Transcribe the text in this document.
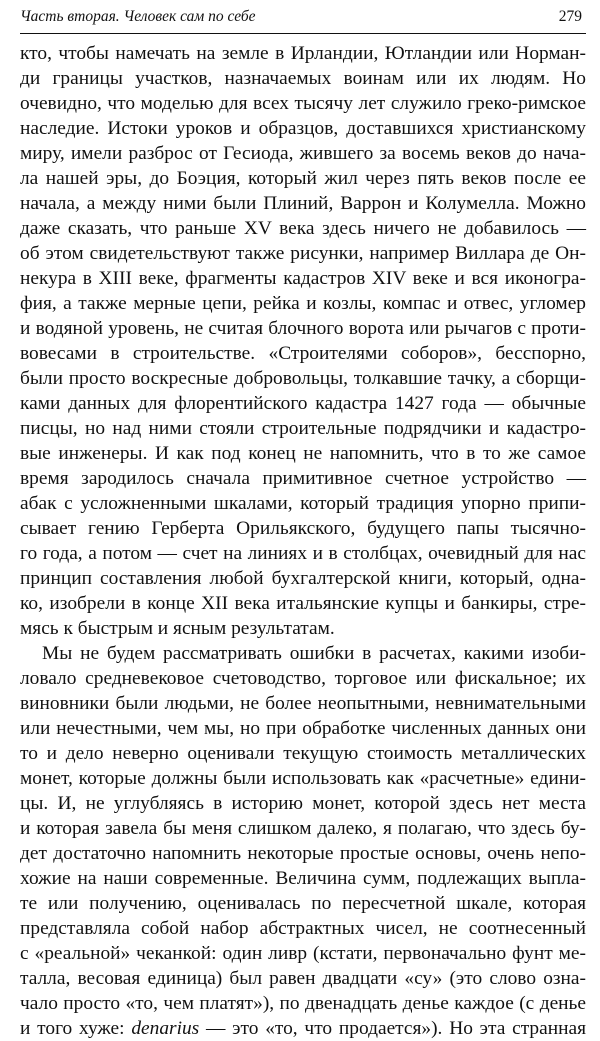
Часть вторая. Человек сам по себе	279
кто, чтобы намечать на земле в Ирландии, Ютландии или Норман-
ди границы участков, назначаемых воинам или их людям. Но
очевидно, что моделью для всех тысячу лет служило греко-римское
наследие. Истоки уроков и образцов, доставшихся христианскому
миру, имели разброс от Гесиода, жившего за восемь веков до нача-
ла нашей эры, до Боэция, который жил через пять веков после ее
начала, а между ними были Плиний, Варрон и Колумелла. Можно
даже сказать, что раньше XV века здесь ничего не добавилось —
об этом свидетельствуют также рисунки, например Виллара де Он-
некура в XIII веке, фрагменты кадастров XIV веке и вся иконогра-
фия, а также мерные цепи, рейка и козлы, компас и отвес, угломер
и водяной уровень, не считая блочного ворота или рычагов с проти-
вовесами в строительстве. «Строителями соборов», бесспорно,
были просто воскресные добровольцы, толкавшие тачку, а сборщи-
ками данных для флорентийского кадастра 1427 года — обычные
писцы, но над ними стояли строительные подрядчики и кадастро-
вые инженеры. И как под конец не напомнить, что в то же самое
время зародилось сначала примитивное счетное устройство —
абак с усложненными шкалами, который традиция упорно припи-
сывает гению Герберта Орильякского, будущего папы тысячно-
го года, а потом — счет на линиях и в столбцах, очевидный для нас
принцип составления любой бухгалтерской книги, который, одна-
ко, изобрели в конце XII века итальянские купцы и банкиры, стре-
мясь к быстрым и ясным результатам.
Мы не будем рассматривать ошибки в расчетах, какими изоби-
ловало средневековое счетоводство, торговое или фискальное; их
виновники были людьми, не более неопытными, невнимательными
или нечестными, чем мы, но при обработке численных данных они
то и дело неверно оценивали текущую стоимость металлических
монет, которые должны были использовать как «расчетные» едини-
цы. И, не углубляясь в историю монет, которой здесь нет места
и которая завела бы меня слишком далеко, я полагаю, что здесь бу-
дет достаточно напомнить некоторые простые основы, очень непо-
хожие на наши современные. Величина сумм, подлежащих выпла-
те или получению, оценивалась по пересчетной шкале, которая
представляла собой набор абстрактных чисел, не соотнесенный
с «реальной» чеканкой: один ливр (кстати, первоначально фунт ме-
талла, весовая единица) был равен двадцати «су» (это слово озна-
чало просто «то, чем платят»), по двенадцать денье каждое (с денье
и того хуже: denarius — это «то, что продается»). Но эта странная
